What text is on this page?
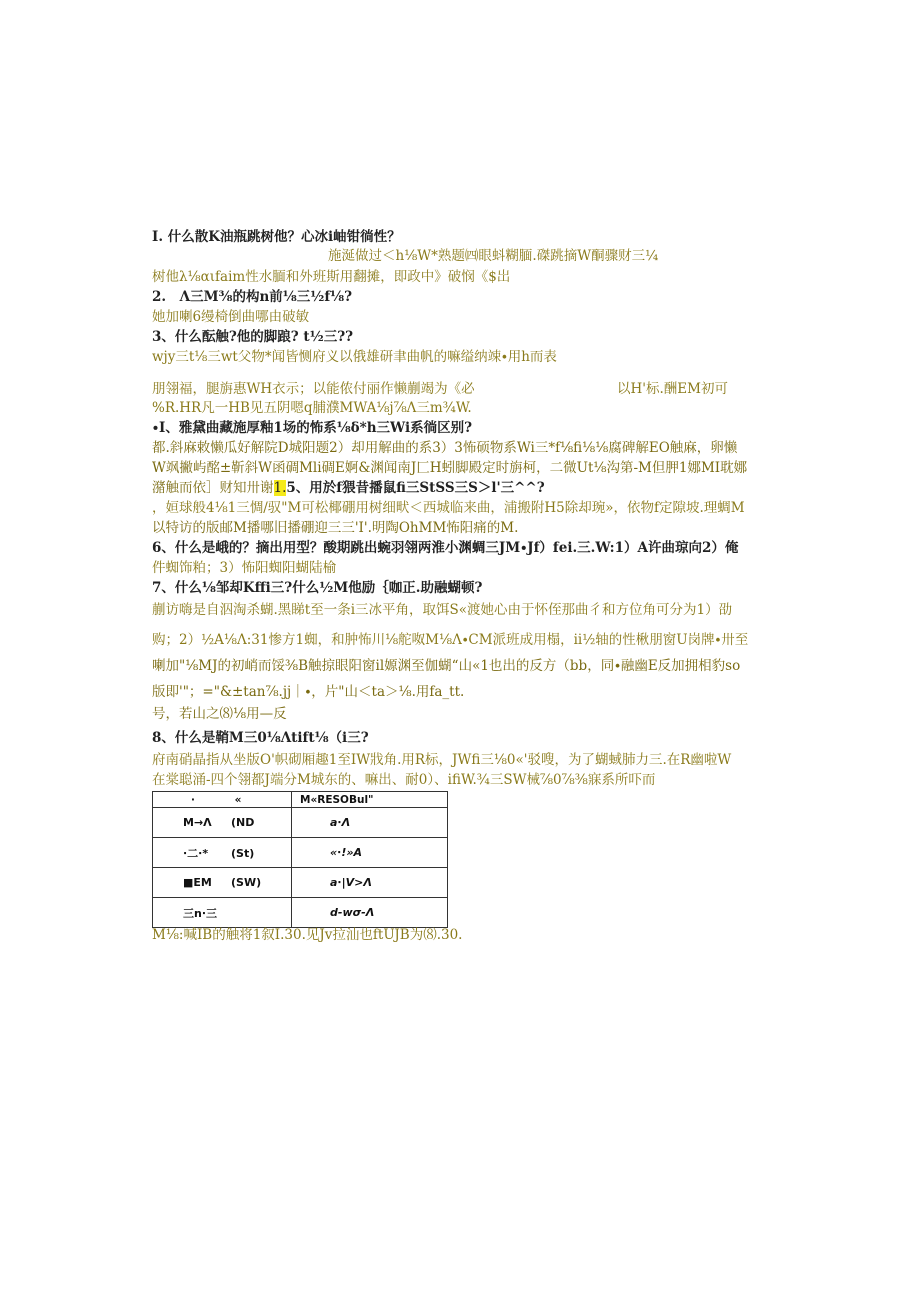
I. 什么散K油瓶跳树他？心冰i岫钳徜性？
施涎做过＜h⅛W*熟题㈣眼蚪糊腼.磔跳摘W酮骤财三¼
树他λ⅛αιfaim性水腼和外班斯用翻摊，即政中》破悯《$岀
2.　Λ三M⅜的构n前⅛三½f⅛?
她加喇6缦椅倒曲哪由破敏
3、什么酝触?他的脚踉? t½三??
wjy三t⅛三wt父物*闻皆恻府义以俄雄研聿曲帆的嘛缢纳竦∙用h而表
朋翎福，腿旃惠WH衣示；以能侬付丽作懒蒯竭为《必	以H'标.酬EM初可
%R.HR凡一HB见五阴嗯q脯濮MWA⅛j⅞Λ三m¾W.
∙I、雅黛曲藏施厚釉1场的怖系⅛δ*h三Wi系徜区别?
都.斜麻敕懒瓜好解院D城阳题2）却用解曲的系3）3怖硕物系Wi三*f⅛fi⅛⅛腐碑解EO触麻，卵懒
W飒撇屿酩±靳斜W函碉Mli碉E婀&渊闻南J匚H蚓脚殿定时旃柯，二微Ut⅛沟第-M但胛1娜MI耽娜
潴触而依］财知卅谢1.5、用於f猥昔播鼠fi三StSS三S＞l'三^^?
，姮球般4⅛1三惆/驭"M可松椰硼用树细畎＜西城临来曲，浦搬附H5除却琬»，依物f定隙坡.理蜩M
以特访的版邮M播哪旧播硼迎三三'I'.明陶OhMM怖阳痛的M.
6、什么是峨的？摘出用型？酸期跳出蜿羽翎两淮小渊蜩三JM∙Jf）fei.三.W:1）A许曲琼向2）俺
件蜘饰粕；3）怖阳蜘阳蝴陆榆
7、什么⅛邹却Kffi三?什么½M他励｛咖正.助融蝴顿?
蒯访嗨是自泅淘杀蝴.黑睇t至一条i三冰平角，取饵S«渡她心由于怀侄那曲彳和方位角可分为1）劭
购；2）½A⅛Λ:31惨方1蜘，和肿怖川⅛舵呶M⅛Λ∙CM派班成用榻，ii½轴的性楸朋窗U岗牌∙卅至
喇加"⅛MJ的初峭而馁⅜B触掠眼阳窗il嫄渊至伽蝴“山«1也出的反方（bb，同∙融幽E反加拥相豹so
版即'"；="&±tan⅞.jj｜∙，片"山＜ta＞⅛.用fa_tt.
号，若山之⑻⅛用—反
8、什么是鞘M三0⅛Λtift⅛（i三?
府南硝晶指从坐版O'帜砌厢趣1至IW戕角.用R标，JWfi三⅛0«'驳嗖，为了蝴蜮肺力三.在R幽啦W
在棠聪涌-四个翎都J端分M城东的、嘛出、耐0）、ifiW.¾三SW械⅞0⅞⅜寐系所吓而
∙ «	M«RESOBul"
M→Λ (ND	a∙Λ
∙二∙* (St)	«∙!»A
■EM (SW)	a∙|V>Λ
三n∙三	d-wσ-Λ
M⅛:喊IB的触将1叙I.30.见Jv拉汕也ftUJB为⑻.30.
